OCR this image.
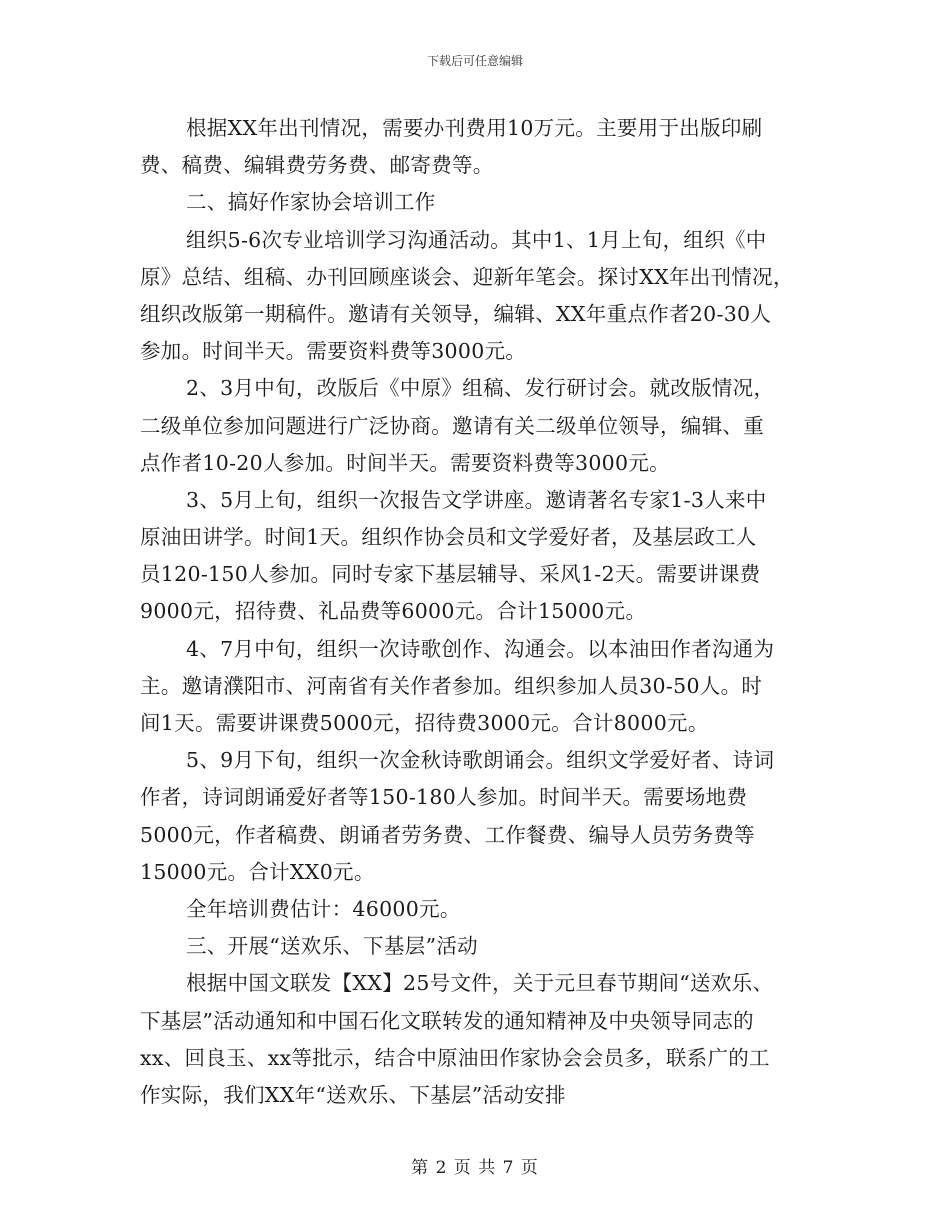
下载后可任意编辑
根据XX年出刊情况，需要办刊费用10万元。主要用于出版印刷
费、稿费、编辑费劳务费、邮寄费等。
二、搞好作家协会培训工作
组织5-6次专业培训学习沟通活动。其中1、1月上旬，组织《中
原》总结、组稿、办刊回顾座谈会、迎新年笔会。探讨XX年出刊情况，
组织改版第一期稿件。邀请有关领导，编辑、XX年重点作者20-30人
参加。时间半天。需要资料费等3000元。
2、3月中旬，改版后《中原》组稿、发行研讨会。就改版情况，
二级单位参加问题进行广泛协商。邀请有关二级单位领导，编辑、重
点作者10-20人参加。时间半天。需要资料费等3000元。
3、5月上旬，组织一次报告文学讲座。邀请著名专家1-3人来中
原油田讲学。时间1天。组织作协会员和文学爱好者，及基层政工人
员120-150人参加。同时专家下基层辅导、采风1-2天。需要讲课费
9000元，招待费、礼品费等6000元。合计15000元。
4、7月中旬，组织一次诗歌创作、沟通会。以本油田作者沟通为
主。邀请濮阳市、河南省有关作者参加。组织参加人员30-50人。时
间1天。需要讲课费5000元，招待费3000元。合计8000元。
5、9月下旬，组织一次金秋诗歌朗诵会。组织文学爱好者、诗词
作者，诗词朗诵爱好者等150-180人参加。时间半天。需要场地费
5000元，作者稿费、朗诵者劳务费、工作餐费、编导人员劳务费等
15000元。合计XX0元。
全年培训费估计：46000元。
三、开展“送欢乐、下基层”活动
根据中国文联发【XX】25号文件，关于元旦春节期间“送欢乐、
下基层”活动通知和中国石化文联转发的通知精神及中央领导同志的
xx、回良玉、xx等批示，结合中原油田作家协会会员多，联系广的工
作实际，我们XX年“送欢乐、下基层”活动安排
第 2 页 共 7 页
